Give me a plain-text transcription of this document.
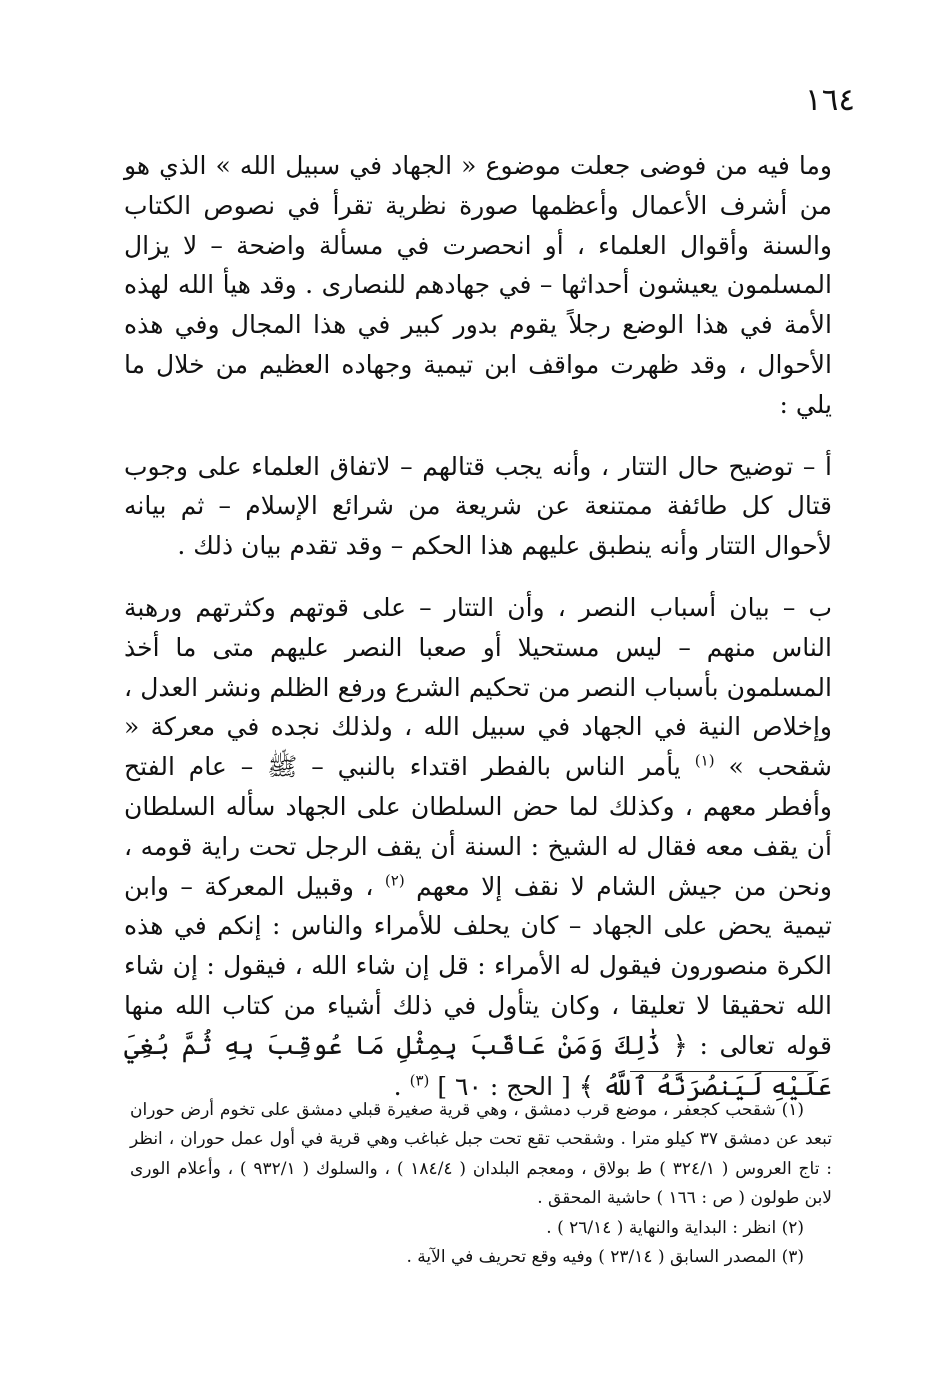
١٦٤

وما فيه من فوضى جعلت موضوع « الجهاد في سبيل الله » الذي هو من أشرف الأعمال وأعظمها صورة نظرية تقرأ في نصوص الكتاب والسنة وأقوال العلماء ، أو انحصرت في مسألة واضحة – لا يزال المسلمون يعيشون أحداثها – في جهادهم للنصارى . وقد هيأ الله لهذه الأمة في هذا الوضع رجلاً يقوم بدور كبير في هذا المجال وفي هذه الأحوال ، وقد ظهرت مواقف ابن تيمية وجهاده العظيم من خلال ما يلي :

أ – توضيح حال التتار ، وأنه يجب قتالهم – لاتفاق العلماء على وجوب قتال كل طائفة ممتنعة عن شريعة من شرائع الإسلام – ثم بيانه لأحوال التتار وأنه ينطبق عليهم هذا الحكم – وقد تقدم بيان ذلك .

ب – بيان أسباب النصر ، وأن التتار – على قوتهم وكثرتهم ورهبة الناس منهم – ليس مستحيلا أو صعبا النصر عليهم متى ما أخذ المسلمون بأسباب النصر من تحكيم الشرع ورفع الظلم ونشر العدل ، وإخلاص النية في الجهاد في سبيل الله ، ولذلك نجده في معركة « شقحب » $^{(١)}$ يأمر الناس بالفطر اقتداء بالنبي – ﷺ – عام الفتح وأفطر معهم ، وكذلك لما حض السلطان على الجهاد سأله السلطان أن يقف معه فقال له الشيخ : السنة أن يقف الرجل تحت راية قومه ، ونحن من جيش الشام لا نقف إلا معهم $^{(٢)}$ ، وقبيل المعركة – وابن تيمية يحض على الجهاد – كان يحلف للأمراء والناس : إنكم في هذه الكرة منصورون فيقول له الأمراء : قل إن شاء الله ، فيقول : إن شاء الله تحقيقا لا تعليقا ، وكان يتأول في ذلك أشياء من كتاب الله منها قوله تعالى : ﴿ ذَٰلِكَ وَمَنْ عَاقَبَ بِمِثْلِ مَا عُوقِبَ بِهِ ثُمَّ بُغِيَ عَلَيْهِ لَيَنصُرَنَّهُ ٱللَّهُ ﴾ [ الحج : ٦٠ ] $^{(٣)}$ .

(١) شقحب كجعفر ، موضع قرب دمشق ، وهي قرية صغيرة قبلي دمشق على تخوم أرض حوران تبعد عن دمشق ٣٧ كيلو مترا . وشقحب تقع تحت جبل غباغب وهي قرية في أول عمل حوران ، انظر : تاج العروس ( ٣٢٤/١ ) ط بولاق ، ومعجم البلدان ( ١٨٤/٤ ) ، والسلوك ( ٩٣٢/١ ) ، وأعلام الورى لابن طولون ( ص : ١٦٦ ) حاشية المحقق .

(٢) انظر : البداية والنهاية ( ٢٦/١٤ ) .

(٣) المصدر السابق ( ٢٣/١٤ ) وفيه وقع تحريف في الآية .
